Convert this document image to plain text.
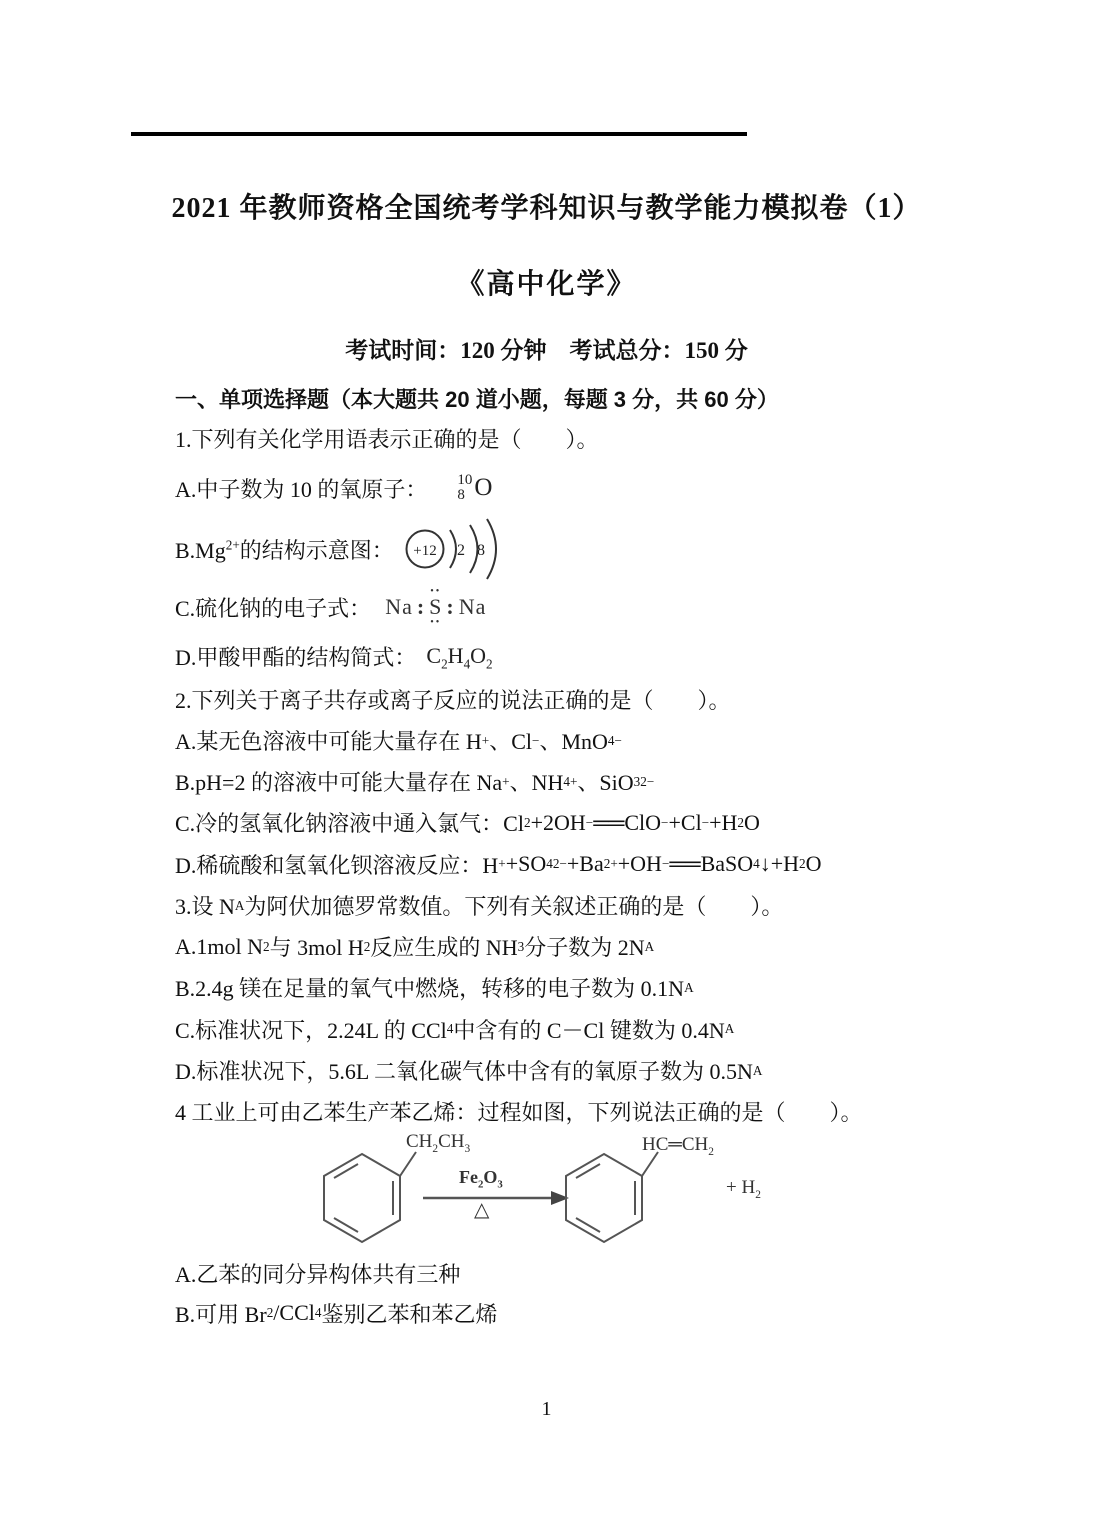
2021 年教师资格全国统考学科知识与教学能力模拟卷（1）
《高中化学》
考试时间：120 分钟　考试总分：150 分
一、单项选择题（本大题共 20 道小题，每题 3 分，共 60 分）
1.下列有关化学用语表示正确的是（　　）。
A.中子数为 10 的氧原子： 10
8 O
$B.Mg^{2+}$的结构示意图： +12 2 8
C.硫化钠的电子式： Na :
••
S
••
: Na
D.甲酸甲酯的结构简式： $C_2H_4O_2$
2.下列关于离子共存或离子反应的说法正确的是（　　）。
A.某无色溶液中可能大量存在 H + 、Cl − 、MnO 4 −
B.pH=2 的溶液中可能大量存在 Na + 、NH 4 + 、SiO 3 2−
C.冷的氢氧化钠溶液中通入氯气：Cl 2 +2OH − ══ClO − +Cl − +H 2 O
D.稀硫酸和氢氧化钡溶液反应：H + +SO 4 2− +Ba 2+ +OH − ══BaSO 4 ↓+H 2 O
3.设 N A 为阿伏加德罗常数值。下列有关叙述正确的是（　　）。
A.1mol N 2 与 3mol H 2 反应生成的 NH 3 分子数为 2N A
B.2.4g 镁在足量的氧气中燃烧，转移的电子数为 0.1N A
C.标准状况下，2.24L 的 CCl 4 中含有的 C－Cl 键数为 0.4N A
D.标准状况下，5.6L 二氧化碳气体中含有的氧原子数为 0.5N A
4 工业上可由乙苯生产苯乙烯：过程如图，下列说法正确的是（　　）。
$CH_2CH_3$
$Fe_2O_3$
△
$HC═CH_2$
+ $H_2$
A.乙苯的同分异构体共有三种
B.可用 Br 2 /CCl 4 鉴别乙苯和苯乙烯
1
